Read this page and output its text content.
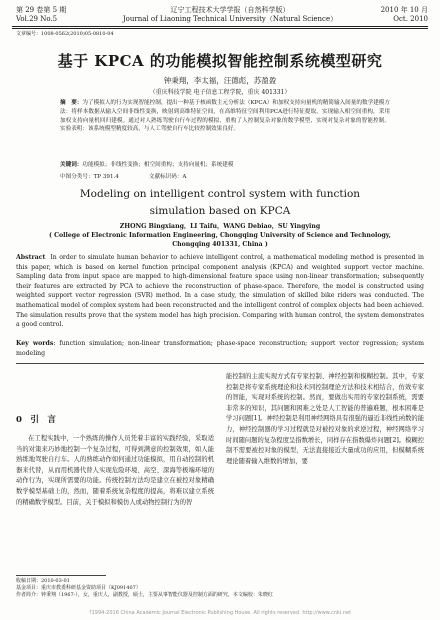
第 29 卷第 5 期
Vol.29 No.5
辽宁工程技术大学学报（自然科学版）
Journal of Liaoning Technical University（Natural Science）
2010 年 10 月
Oct. 2010
文章编号：1008-0562(2010)05-0810-04
基于 KPCA 的功能模拟智能控制系统模型研究
钟秉翔，李太福，汪德彪，苏盈盈
（重庆科技学院 电子信息工程学院，重庆 401331）
摘　要：为了模拟人的行为实现智能控制，提出一种基于核函数主元分析法（KPCA）和加权支持向量机的精简输入间量的数学建模方法：将样本数据从输入空间非线性变换，映射到高维特征空间，在高维特征空间利用PCA进行特征提取，实现输入相空间重构，采用加权支持向量机回归建模。通过对人熟练驾驶自行车过程的模拟，重构了人控制复杂对象的数学模型，实现对复杂对象的智能控制。实验表明：该系统模型精度较高，与人工驾驶自行车比较控制效果良好。
关键词：功能模拟；非线性变换；相空间重构；支持向量机；系统建模
中图分类号：TP 391.4	文献标识码：A
Modeling on intelligent control system with function
simulation based on KPCA
ZHONG Bingxiang，LI Taifu，WANG Debiao，SU Yingying
( College of Electronic Information Engineering, Chongqing University of Science and Technology, Chongqing 401331, China )
Abstract In order to simulate human behavior to achieve intelligent control, a mathematical modeling method is presented in this paper, which is based on kernel function principal component analysis (KPCA) and weighted support vector machine. Sampling data from input space are mapped to high-dimensional feature space using non-linear transformation; subsequently their features are extracted by PCA to achieve the reconstruction of phase-space. Therefore, the model is constructed using weighted support vector regression (SVR) method. In a case study, the simulation of skilled bike riders was conducted. The mathematical model of complex system had been reconstructed and the intelligent control of complex objects had been achieved. The simulation results prove that the system model has high precision. Comparing with human control, the system demonstrates a good control.
Key words: function simulation; non-linear transformation; phase-space reconstruction; support vector regression; system modeling
0　引　言
在工程实践中，一个熟练的操作人员凭着丰富的实践经验，采取适当的对策来巧妙地控制一个复杂过程，可得到满意的控制效果，如人能熟练地驾驶自行车。人的熟练动作如何通过功能模拟，用自动控制的机器来代替，从而用机器代替人实现危险环境、高空、深海等极端环境的动作行为，实现所需要的功能。传统控制方法均是建立在被控对象精确数学模型基础上的，然而，随着系统复杂程度的提高，将难以建立系统的精确数学模型。目前，关于模拟和模仿人或动物控制行为的智
能控制的主流实现方式有专家控制、神经控制和模糊控制。其中，专家控制是将专家系统理论和技术同控制理论方法和技术相结合，仿效专家的智能，实现对系统的控制。然而，要做出实用的专家控制系统，需要非常多的知识，其问题和困难之处是人工智能的普遍难题，根本困难是学习问题[1]。神经控制是利用神经网络具有很强的逼近非线性函数的能力，神经控制器的学习过程就是对被控对象的求逆过程，神经网络学习时间随问题的复杂程度呈指数增长，同样存在指数爆炸问题[2]。模糊控制不需要被控对象的模型，无法直接接近大量成功的应用，但模糊系统理论随着输入维数的增加，要
收稿日期：2010-03-01
基金项目：重庆市教委科研基金资助项目（KJ091407）
作者简介：钟秉翔（1967-），女，重庆人，副教授，硕士，主要从事智能仪器及控制方面的研究，本文编校：朱晓红
?1994-2016 China Academic Journal Electronic Publishing House. All rights reserved. http://www.cnki.net
